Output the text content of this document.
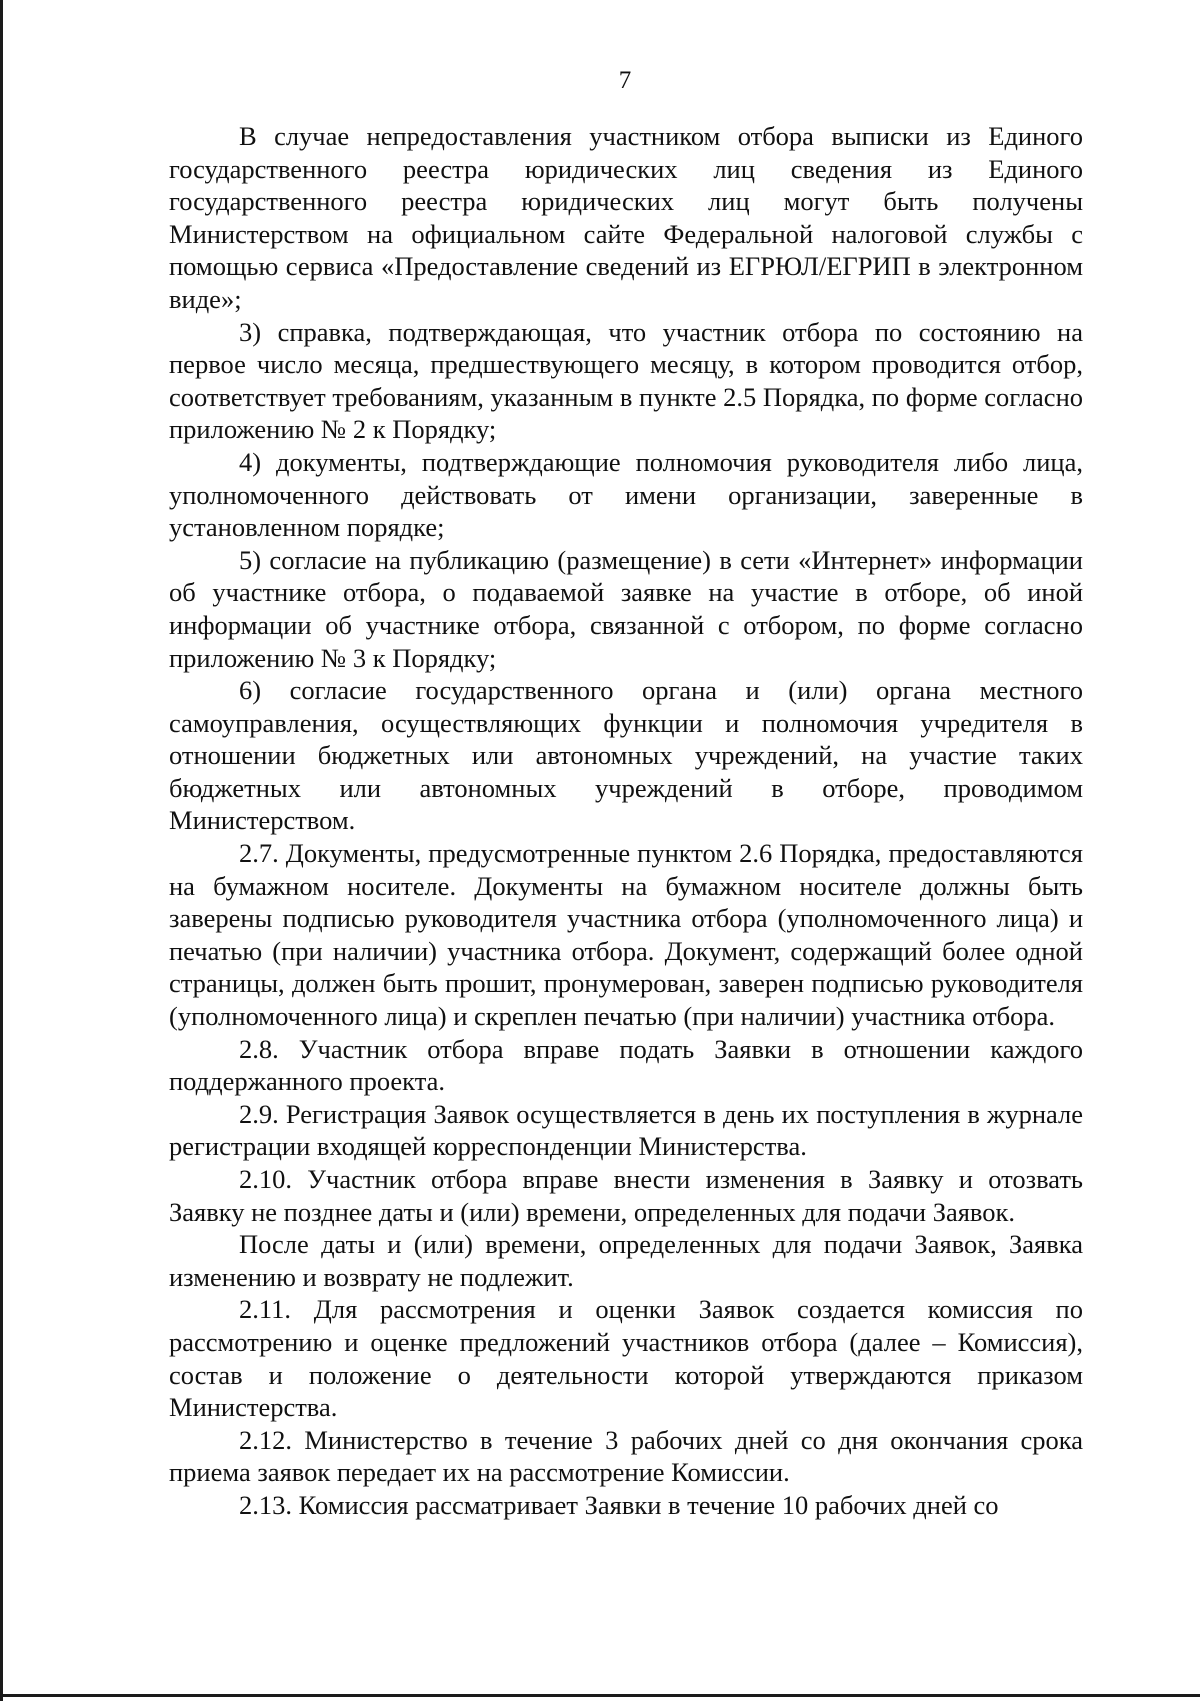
7

В случае непредоставления участником отбора выписки из Единого государственного реестра юридических лиц сведения из Единого государственного реестра юридических лиц могут быть получены Министерством на официальном сайте Федеральной налоговой службы с помощью сервиса «Предоставление сведений из ЕГРЮЛ/ЕГРИП в электронном виде»;

3) справка, подтверждающая, что участник отбора по состоянию на первое число месяца, предшествующего месяцу, в котором проводится отбор, соответствует требованиям, указанным в пункте 2.5 Порядка, по форме согласно приложению № 2 к Порядку;

4) документы, подтверждающие полномочия руководителя либо лица, уполномоченного действовать от имени организации, заверенные в установленном порядке;

5) согласие на публикацию (размещение) в сети «Интернет» информации об участнике отбора, о подаваемой заявке на участие в отборе, об иной информации об участнике отбора, связанной с отбором, по форме согласно приложению № 3 к Порядку;

6) согласие государственного органа и (или) органа местного самоуправления, осуществляющих функции и полномочия учредителя в отношении бюджетных или автономных учреждений, на участие таких бюджетных или автономных учреждений в отборе, проводимом Министерством.

2.7. Документы, предусмотренные пунктом 2.6 Порядка, предоставляются на бумажном носителе. Документы на бумажном носителе должны быть заверены подписью руководителя участника отбора (уполномоченного лица) и печатью (при наличии) участника отбора. Документ, содержащий более одной страницы, должен быть прошит, пронумерован, заверен подписью руководителя (уполномоченного лица) и скреплен печатью (при наличии) участника отбора.

2.8. Участник отбора вправе подать Заявки в отношении каждого поддержанного проекта.

2.9. Регистрация Заявок осуществляется в день их поступления в журнале регистрации входящей корреспонденции Министерства.

2.10. Участник отбора вправе внести изменения в Заявку и отозвать Заявку не позднее даты и (или) времени, определенных для подачи Заявок.

После даты и (или) времени, определенных для подачи Заявок, Заявка изменению и возврату не подлежит.

2.11. Для рассмотрения и оценки Заявок создается комиссия по рассмотрению и оценке предложений участников отбора (далее – Комиссия), состав и положение о деятельности которой утверждаются приказом Министерства.

2.12. Министерство в течение 3 рабочих дней со дня окончания срока приема заявок передает их на рассмотрение Комиссии.

2.13. Комиссия рассматривает Заявки в течение 10 рабочих дней со
